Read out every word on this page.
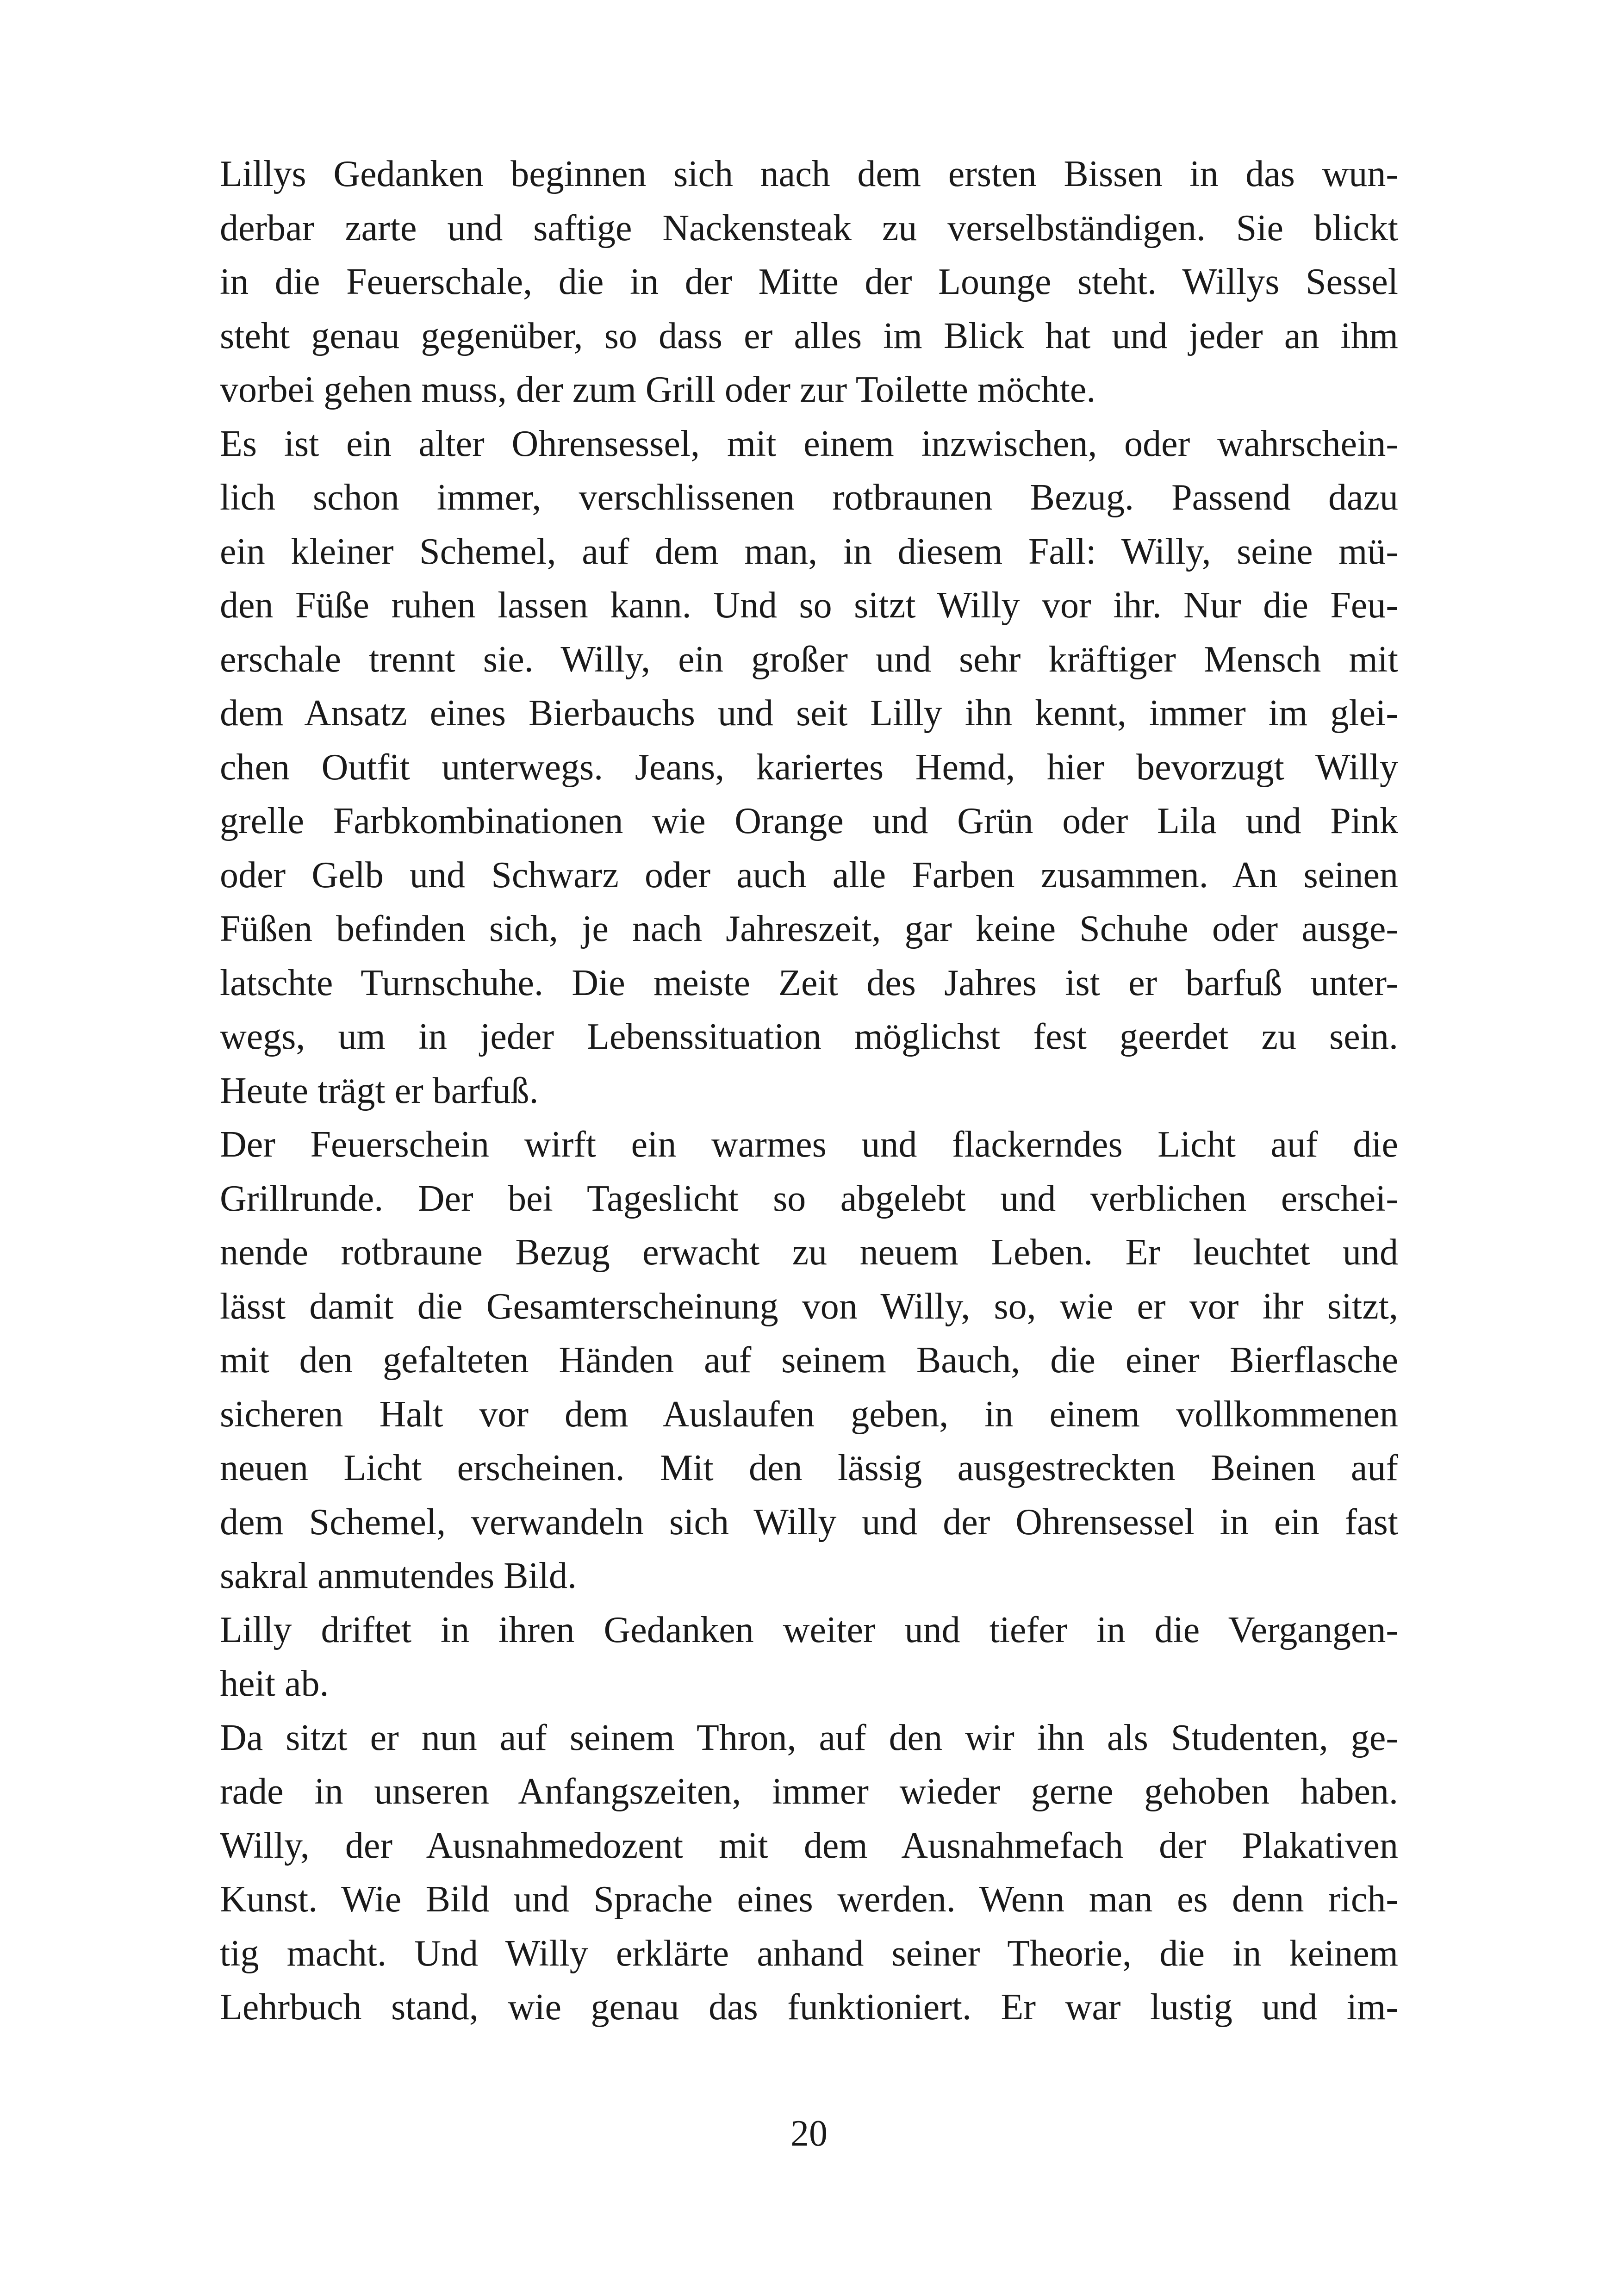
Lillys Gedanken beginnen sich nach dem ersten Bissen in das wun-
derbar zarte und saftige Nackensteak zu verselbständigen. Sie blickt
in die Feuerschale, die in der Mitte der Lounge steht. Willys Sessel
steht genau gegenüber, so dass er alles im Blick hat und jeder an ihm
vorbei gehen muss, der zum Grill oder zur Toilette möchte.

Es ist ein alter Ohrensessel, mit einem inzwischen, oder wahrschein-
lich schon immer, verschlissenen rotbraunen Bezug. Passend dazu
ein kleiner Schemel, auf dem man, in diesem Fall: Willy, seine mü-
den Füße ruhen lassen kann. Und so sitzt Willy vor ihr. Nur die Feu-
erschale trennt sie. Willy, ein großer und sehr kräftiger Mensch mit
dem Ansatz eines Bierbauchs und seit Lilly ihn kennt, immer im glei-
chen Outfit unterwegs. Jeans, kariertes Hemd, hier bevorzugt Willy
grelle Farbkombinationen wie Orange und Grün oder Lila und Pink
oder Gelb und Schwarz oder auch alle Farben zusammen. An seinen
Füßen befinden sich, je nach Jahreszeit, gar keine Schuhe oder ausge-
latschte Turnschuhe. Die meiste Zeit des Jahres ist er barfuß unter-
wegs, um in jeder Lebenssituation möglichst fest geerdet zu sein.
Heute trägt er barfuß.

Der Feuerschein wirft ein warmes und flackerndes Licht auf die
Grillrunde. Der bei Tageslicht so abgelebt und verblichen erschei-
nende rotbraune Bezug erwacht zu neuem Leben. Er leuchtet und
lässt damit die Gesamterscheinung von Willy, so, wie er vor ihr sitzt,
mit den gefalteten Händen auf seinem Bauch, die einer Bierflasche
sicheren Halt vor dem Auslaufen geben, in einem vollkommenen
neuen Licht erscheinen. Mit den lässig ausgestreckten Beinen auf
dem Schemel, verwandeln sich Willy und der Ohrensessel in ein fast
sakral anmutendes Bild.

Lilly driftet in ihren Gedanken weiter und tiefer in die Vergangen-
heit ab.

Da sitzt er nun auf seinem Thron, auf den wir ihn als Studenten, ge-
rade in unseren Anfangszeiten, immer wieder gerne gehoben haben.
Willy, der Ausnahmedozent mit dem Ausnahmefach der Plakativen
Kunst. Wie Bild und Sprache eines werden. Wenn man es denn rich-
tig macht. Und Willy erklärte anhand seiner Theorie, die in keinem
Lehrbuch stand, wie genau das funktioniert. Er war lustig und im-

20
